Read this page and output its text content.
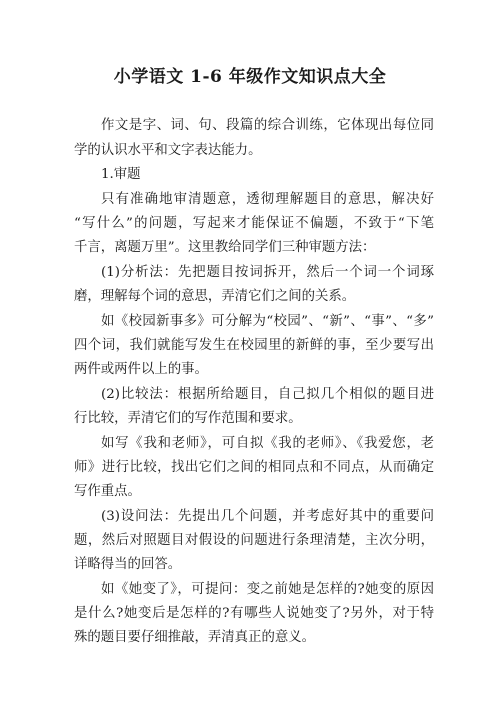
小学语文 1-6 年级作文知识点大全

作文是字、词、句、段篇的综合训练，它体现出每位同

学的认识水平和文字表达能力。

1.审题

只有准确地审清题意，透彻理解题目的意思，解决好

“写什么”的问题，写起来才能保证不偏题，不致于“下笔

千言，离题万里”。这里教给同学们三种审题方法：

(1)分析法：先把题目按词拆开，然后一个词一个词琢

磨，理解每个词的意思，弄清它们之间的关系。

如《校园新事多》可分解为“校园”、“新”、“事”、“多”

四个词，我们就能写发生在校园里的新鲜的事，至少要写出

两件或两件以上的事。

(2)比较法：根据所给题目，自己拟几个相似的题目进

行比较，弄清它们的写作范围和要求。

如写《我和老师》，可自拟《我的老师》、《我爱您，老

师》进行比较，找出它们之间的相同点和不同点，从而确定

写作重点。

(3)设问法：先提出几个问题，并考虑好其中的重要问

题，然后对照题目对假设的问题进行条理清楚，主次分明，

详略得当的回答。

如《她变了》，可提问：变之前她是怎样的?她变的原因

是什么?她变后是怎样的?有哪些人说她变了?另外，对于特

殊的题目要仔细推敲，弄清真正的意义。
